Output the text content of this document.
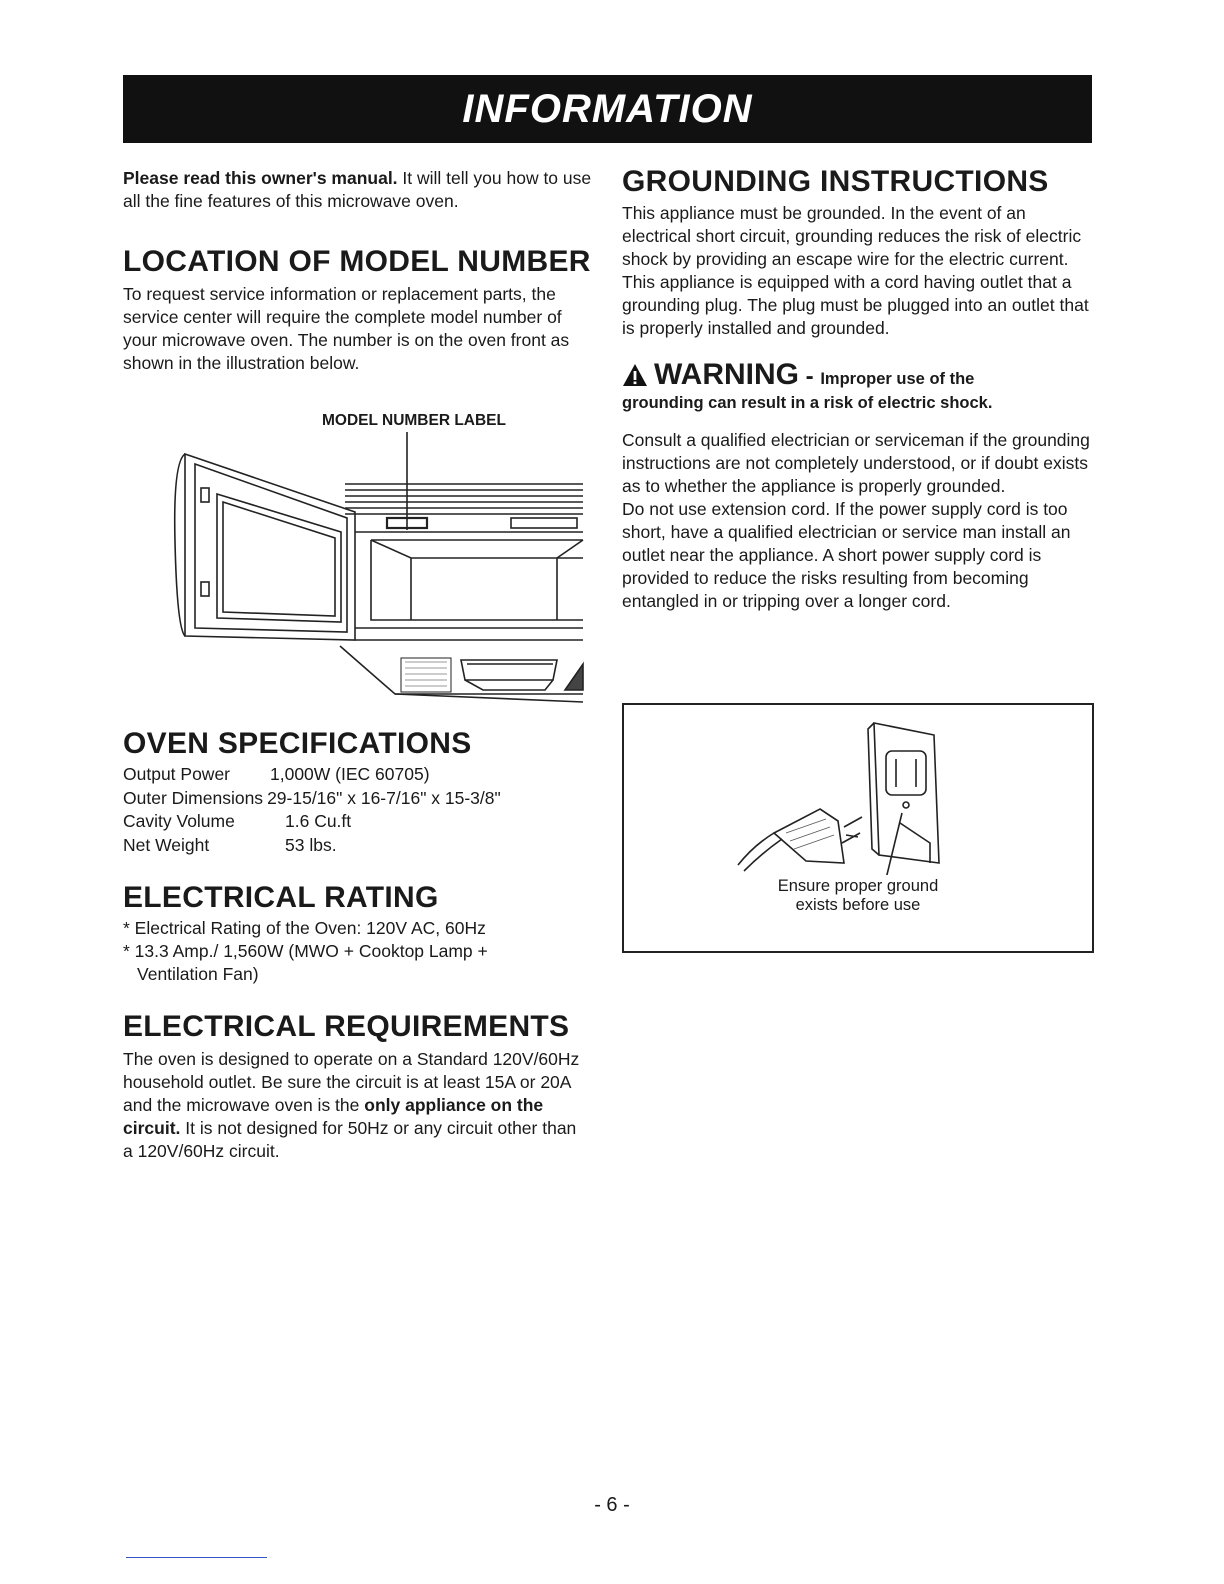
INFORMATION

Please read this owner's manual. It will tell you how to use all the fine features of this microwave oven.

LOCATION OF MODEL NUMBER

To request service information or replacement parts, the service center will require the complete model number of your microwave oven. The number is on the oven front as shown in the illustration below.

MODEL NUMBER LABEL
OVEN SPECIFICATIONS
Output Power	1,000W (IEC 60705)
Outer Dimensions 29-15/16" x 16-7/16" x 15-3/8"
Cavity Volume	1.6 Cu.ft
Net Weight	53 lbs.
ELECTRICAL RATING
* Electrical Rating of the Oven: 120V AC, 60Hz
* 13.3 Amp./ 1,560W (MWO + Cooktop Lamp + Ventilation Fan)
ELECTRICAL REQUIREMENTS

The oven is designed to operate on a Standard 120V/60Hz household outlet. Be sure the circuit is at least 15A or 20A and the microwave oven is the only appliance on the circuit. It is not designed for 50Hz or any circuit other than a 120V/60Hz circuit.

GROUNDING INSTRUCTIONS

This appliance must be grounded. In the event of an electrical short circuit, grounding reduces the risk of electric shock by providing an escape wire for the electric current. This appliance is equipped with a cord having outlet that a grounding plug. The plug must be plugged into an outlet that is properly installed and grounded.

WARNING - Improper use of the
grounding can result in a risk of electric shock.

Consult a qualified electrician or serviceman if the grounding instructions are not completely understood, or if doubt exists as to whether the appliance is properly grounded.

Do not use extension cord. If the power supply cord is too short, have a qualified electrician or service man install an outlet near the appliance. A short power supply cord is provided to reduce the risks resulting from becoming entangled in or tripping over a longer cord.

Ensure proper ground
exists before use
- 6 -
